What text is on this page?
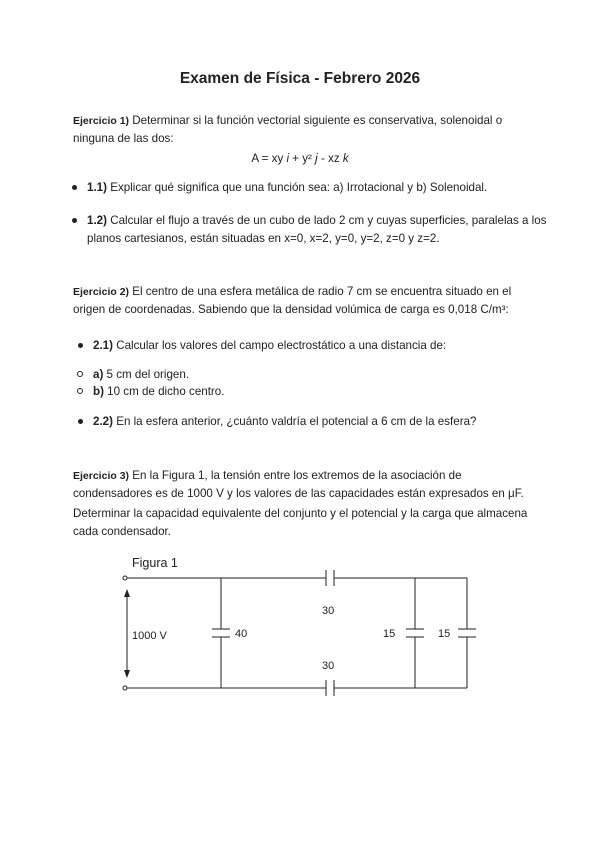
Examen de Física - Febrero 2026
Ejercicio 1) Determinar si la función vectorial siguiente es conservativa, solenoidal o ninguna de las dos:
A = xy i + y² j - xz k
1.1) Explicar qué significa que una función sea: a) Irrotacional y b) Solenoidal.
1.2) Calcular el flujo a través de un cubo de lado 2 cm y cuyas superficies, paralelas a los planos cartesianos, están situadas en x=0, x=2, y=0, y=2, z=0 y z=2.
Ejercicio 2) El centro de una esfera metálica de radio 7 cm se encuentra situado en el origen de coordenadas. Sabiendo que la densidad volúmica de carga es 0,018 C/m³:
2.1) Calcular los valores del campo electrostático a una distancia de:
a) 5 cm del origen.
b) 10 cm de dicho centro.
2.2) En la esfera anterior, ¿cuánto valdría el potencial a 6 cm de la esfera?
Ejercicio 3) En la Figura 1, la tensión entre los extremos de la asociación de condensadores es de 1000 V y los valores de las capacidades están expresados en μF.
Determinar la capacidad equivalente del conjunto y el potencial y la carga que almacena cada condensador.
Figura 1
1000 V	40
30
30
15	15
